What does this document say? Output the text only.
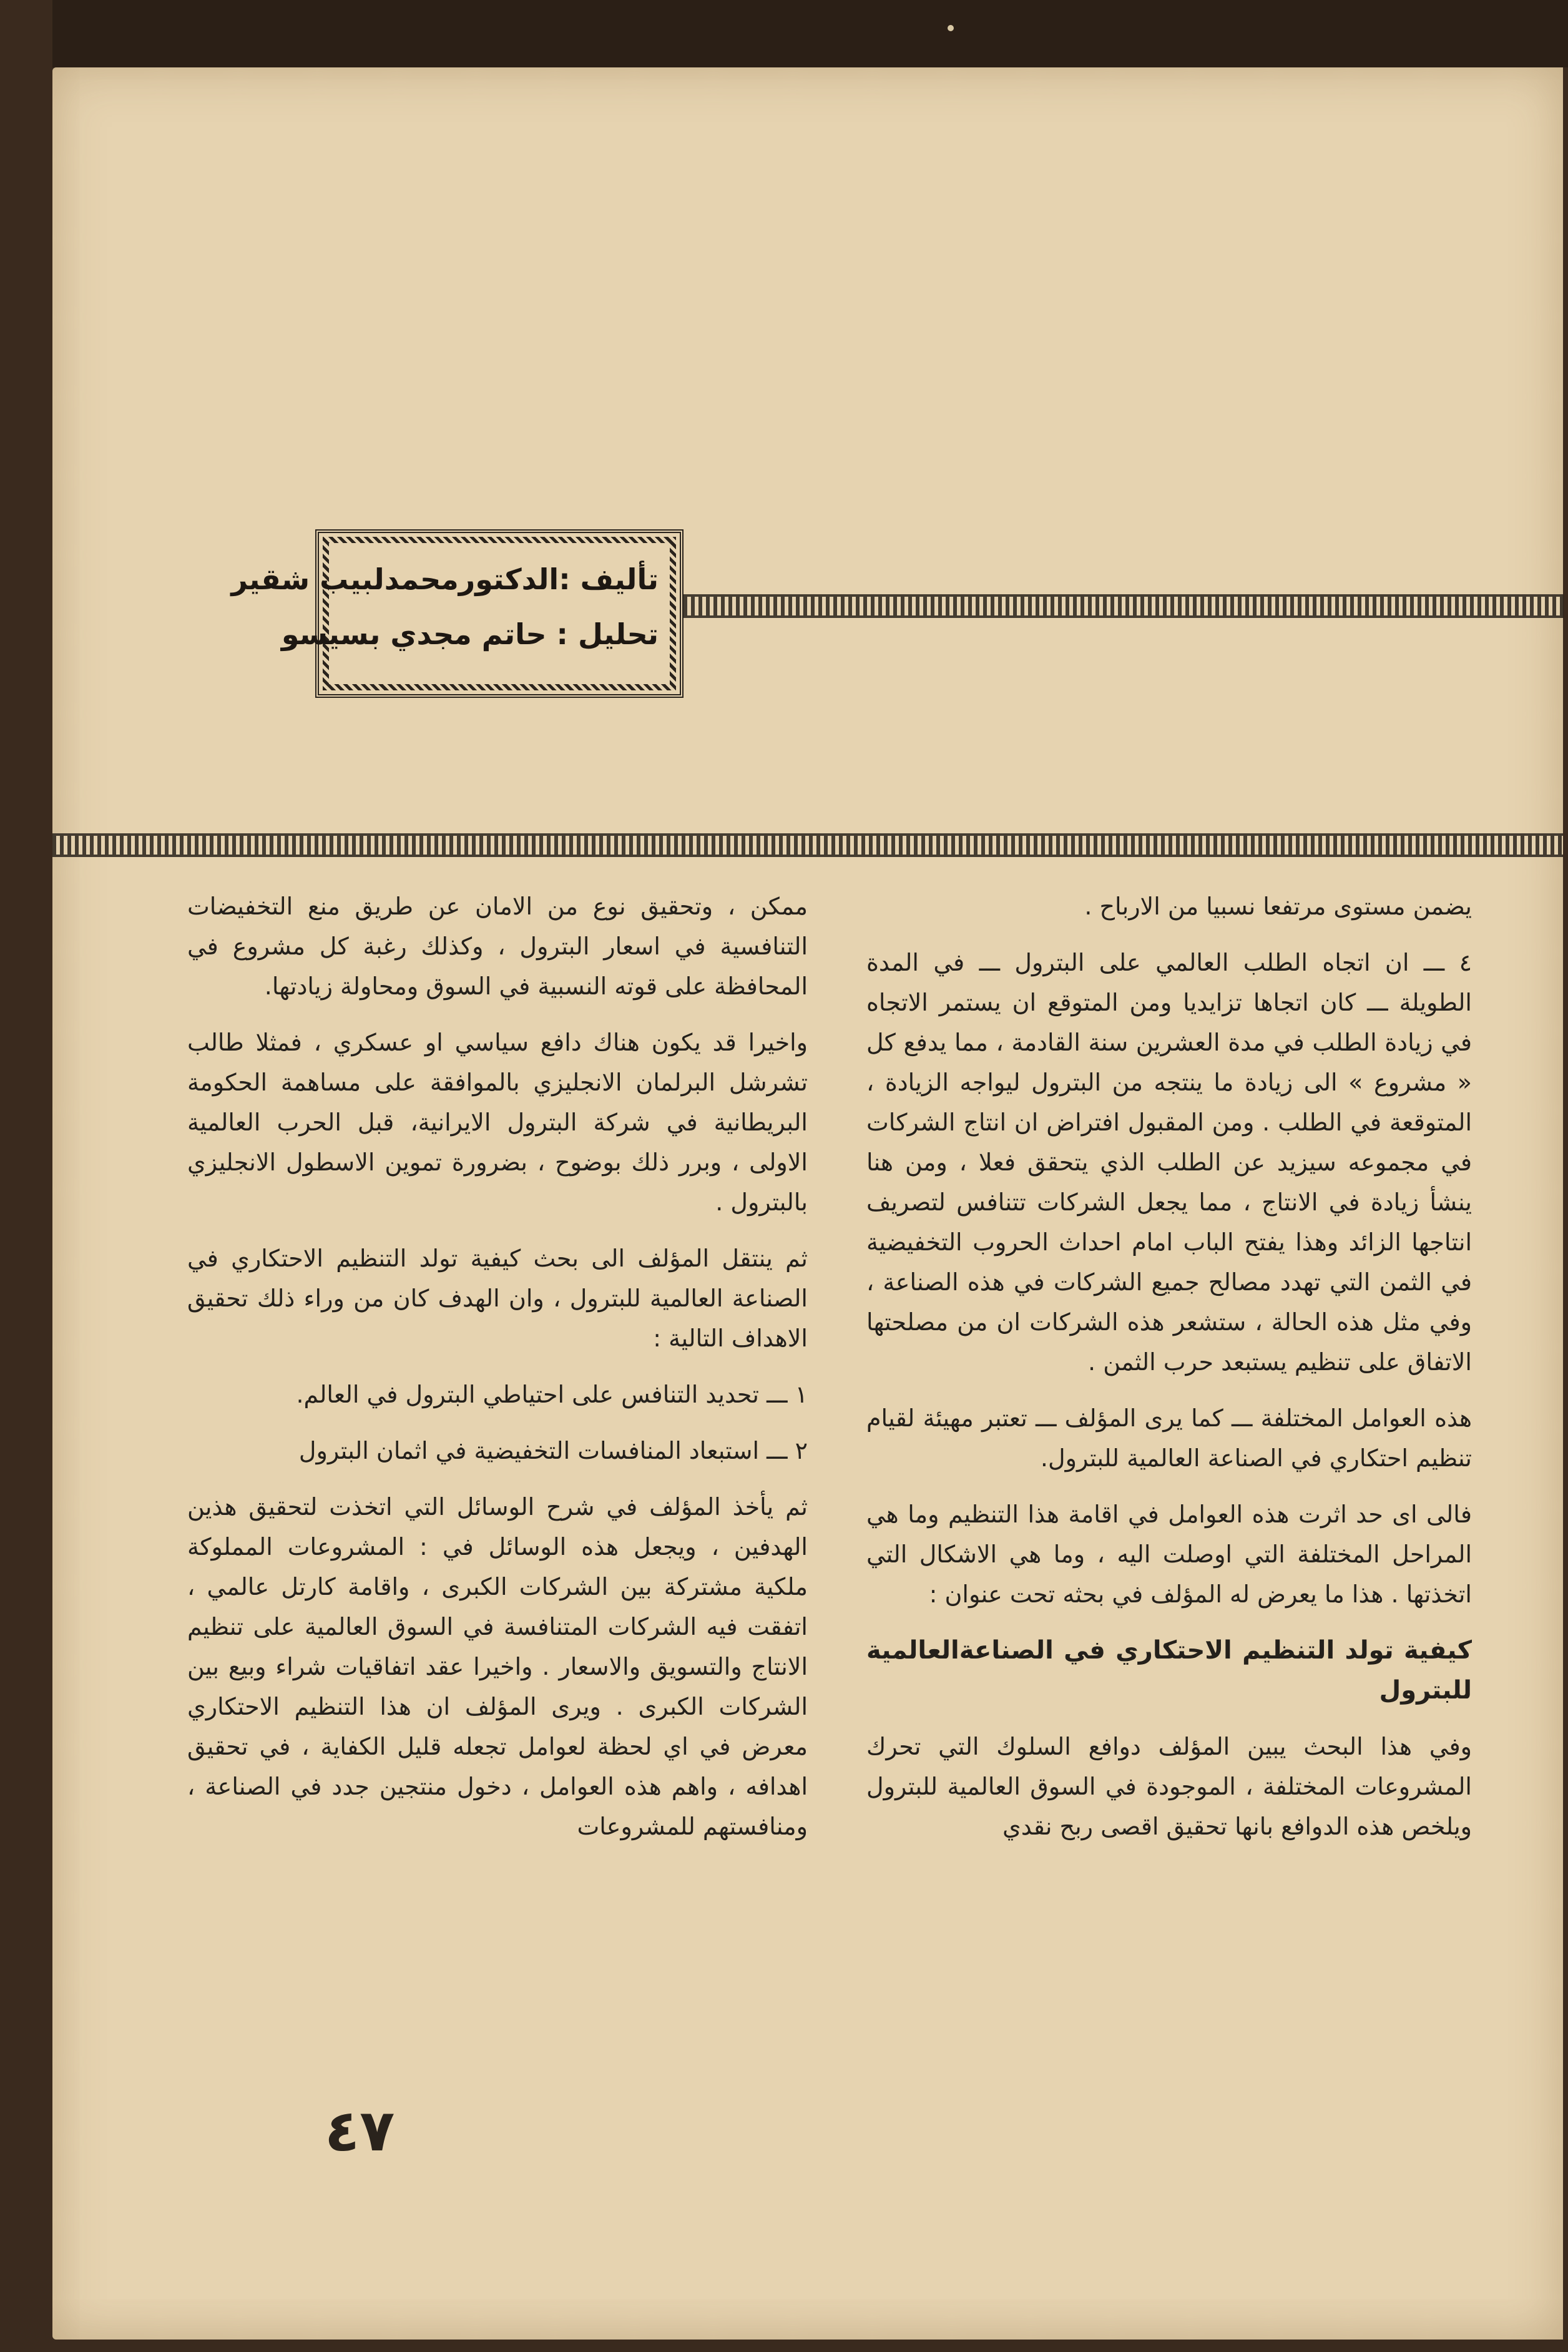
تأليف :الدكتورمحمدلبيب شقير
تحليل : حاتم مجدي بسيسو

يضمن مستوى مرتفعا نسبيا من الارباح .

٤ ـــ ان اتجاه الطلب العالمي على البترول ـــ في المدة الطويلة ـــ كان اتجاها تزايديا ومن المتوقع ان يستمر الاتجاه في زيادة الطلب في مدة العشرين سنة القادمة ، مما يدفع كل « مشروع » الى زيادة ما ينتجه من البترول ليواجه الزيادة ، المتوقعة في الطلب . ومن المقبول افتراض ان انتاج الشركات في مجموعه سيزيد عن الطلب الذي يتحقق فعلا ، ومن هنا ينشأ زيادة في الانتاج ، مما يجعل الشركات تتنافس لتصريف انتاجها الزائد وهذا يفتح الباب امام احداث الحروب التخفيضية في الثمن التي تهدد مصالح جميع الشركات في هذه الصناعة ، وفي مثل هذه الحالة ، ستشعر هذه الشركات ان من مصلحتها الاتفاق على تنظيم يستبعد حرب الثمن .

هذه العوامل المختلفة ـــ كما يرى المؤلف ـــ تعتبر مهيئة لقيام تنظيم احتكاري في الصناعة العالمية للبترول.

فالى اى حد اثرت هذه العوامل في اقامة هذا التنظيم وما هي المراحل المختلفة التي اوصلت اليه ، وما هي الاشكال التي اتخذتها . هذا ما يعرض له المؤلف في بحثه تحت عنوان :

كيفية تولد التنظيم الاحتكاري في الصناعةالعالمية للبترول

وفي هذا البحث يبين المؤلف دوافع السلوك التي تحرك المشروعات المختلفة ، الموجودة في السوق العالمية للبترول ويلخص هذه الدوافع بانها تحقيق اقصى ربح نقدي

ممكن ، وتحقيق نوع من الامان عن طريق منع التخفيضات التنافسية في اسعار البترول ، وكذلك رغبة كل مشروع في المحافظة على قوته النسبية في السوق ومحاولة زيادتها.

واخيرا قد يكون هناك دافع سياسي او عسكري ، فمثلا طالب تشرشل البرلمان الانجليزي بالموافقة على مساهمة الحكومة البريطانية في شركة البترول الايرانية، قبل الحرب العالمية الاولى ، وبرر ذلك بوضوح ، بضرورة تموين الاسطول الانجليزي بالبترول .

ثم ينتقل المؤلف الى بحث كيفية تولد التنظيم الاحتكاري في الصناعة العالمية للبترول ، وان الهدف كان من وراء ذلك تحقيق الاهداف التالية :

١ ـــ تحديد التنافس على احتياطي البترول في العالم.

٢ ـــ استبعاد المنافسات التخفيضية في اثمان البترول

ثم يأخذ المؤلف في شرح الوسائل التي اتخذت لتحقيق هذين الهدفين ، ويجعل هذه الوسائل في : المشروعات المملوكة ملكية مشتركة بين الشركات الكبرى ، واقامة كارتل عالمي ، اتفقت فيه الشركات المتنافسة في السوق العالمية على تنظيم الانتاج والتسويق والاسعار . واخيرا عقد اتفاقيات شراء وبيع بين الشركات الكبرى . ويرى المؤلف ان هذا التنظيم الاحتكاري معرض في اي لحظة لعوامل تجعله قليل الكفاية ، في تحقيق اهدافه ، واهم هذه العوامل ، دخول منتجين جدد في الصناعة ، ومنافستهم للمشروعات

٤٧
